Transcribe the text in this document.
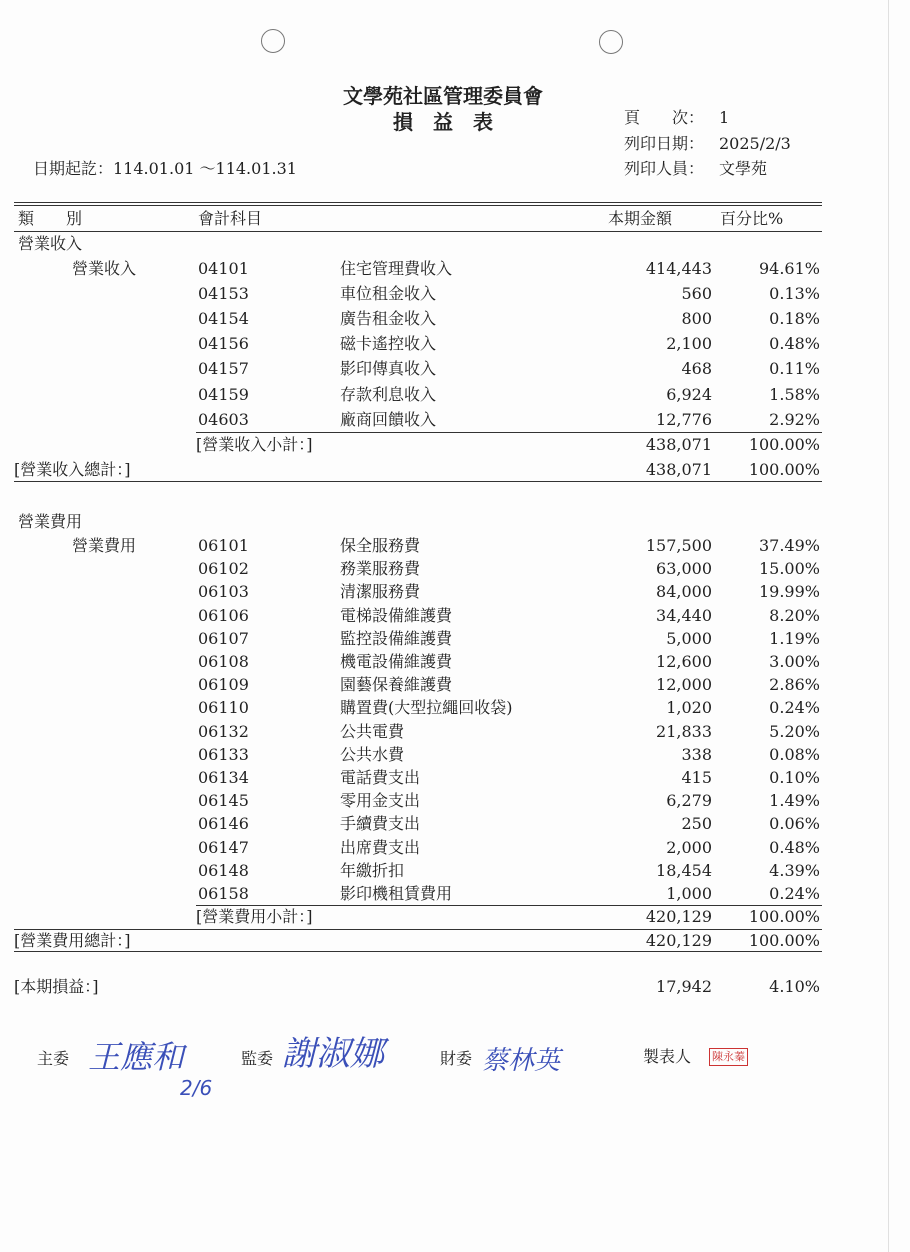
文學苑社區管理委員會
損　益　表	頁　　次： 1
列印日期： 2025/2/3
列印人員： 文學苑
日期起訖：114.01.01 ～114.01.31
類　　別	會計科目	本期金額	百分比%
營業收入
營業收入	04101	住宅管理費收入	414,443	94.61%
04153	車位租金收入	560	0.13%
04154	廣告租金收入	800	0.18%
04156	磁卡遙控收入	2,100	0.48%
04157	影印傳真收入	468	0.11%
04159	存款利息收入	6,924	1.58%
04603	廠商回饋收入	12,776	2.92%
[營業收入小計：]	438,071	100.00%
[營業收入總計：]	438,071	100.00%
營業費用
營業費用	06101	保全服務費	157,500	37.49%
06102	務業服務費	63,000	15.00%
06103	清潔服務費	84,000	19.99%
06106	電梯設備維護費	34,440	8.20%
06107	監控設備維護費	5,000	1.19%
06108	機電設備維護費	12,600	3.00%
06109	園藝保養維護費	12,000	2.86%
06110	購置費(大型拉繩回收袋)	1,020	0.24%
06132	公共電費	21,833	5.20%
06133	公共水費	338	0.08%
06134	電話費支出	415	0.10%
06145	零用金支出	6,279	1.49%
06146	手續費支出	250	0.06%
06147	出席費支出	2,000	0.48%
06148	年繳折扣	18,454	4.39%
06158	影印機租賃費用	1,000	0.24%
[營業費用小計：]	420,129	100.00%
[營業費用總計：]	420,129	100.00%
[本期損益：]	17,942	4.10%
主委 王應和
2/6
監委 謝淑娜	財委 蔡林英	製表人 陳永蓁
